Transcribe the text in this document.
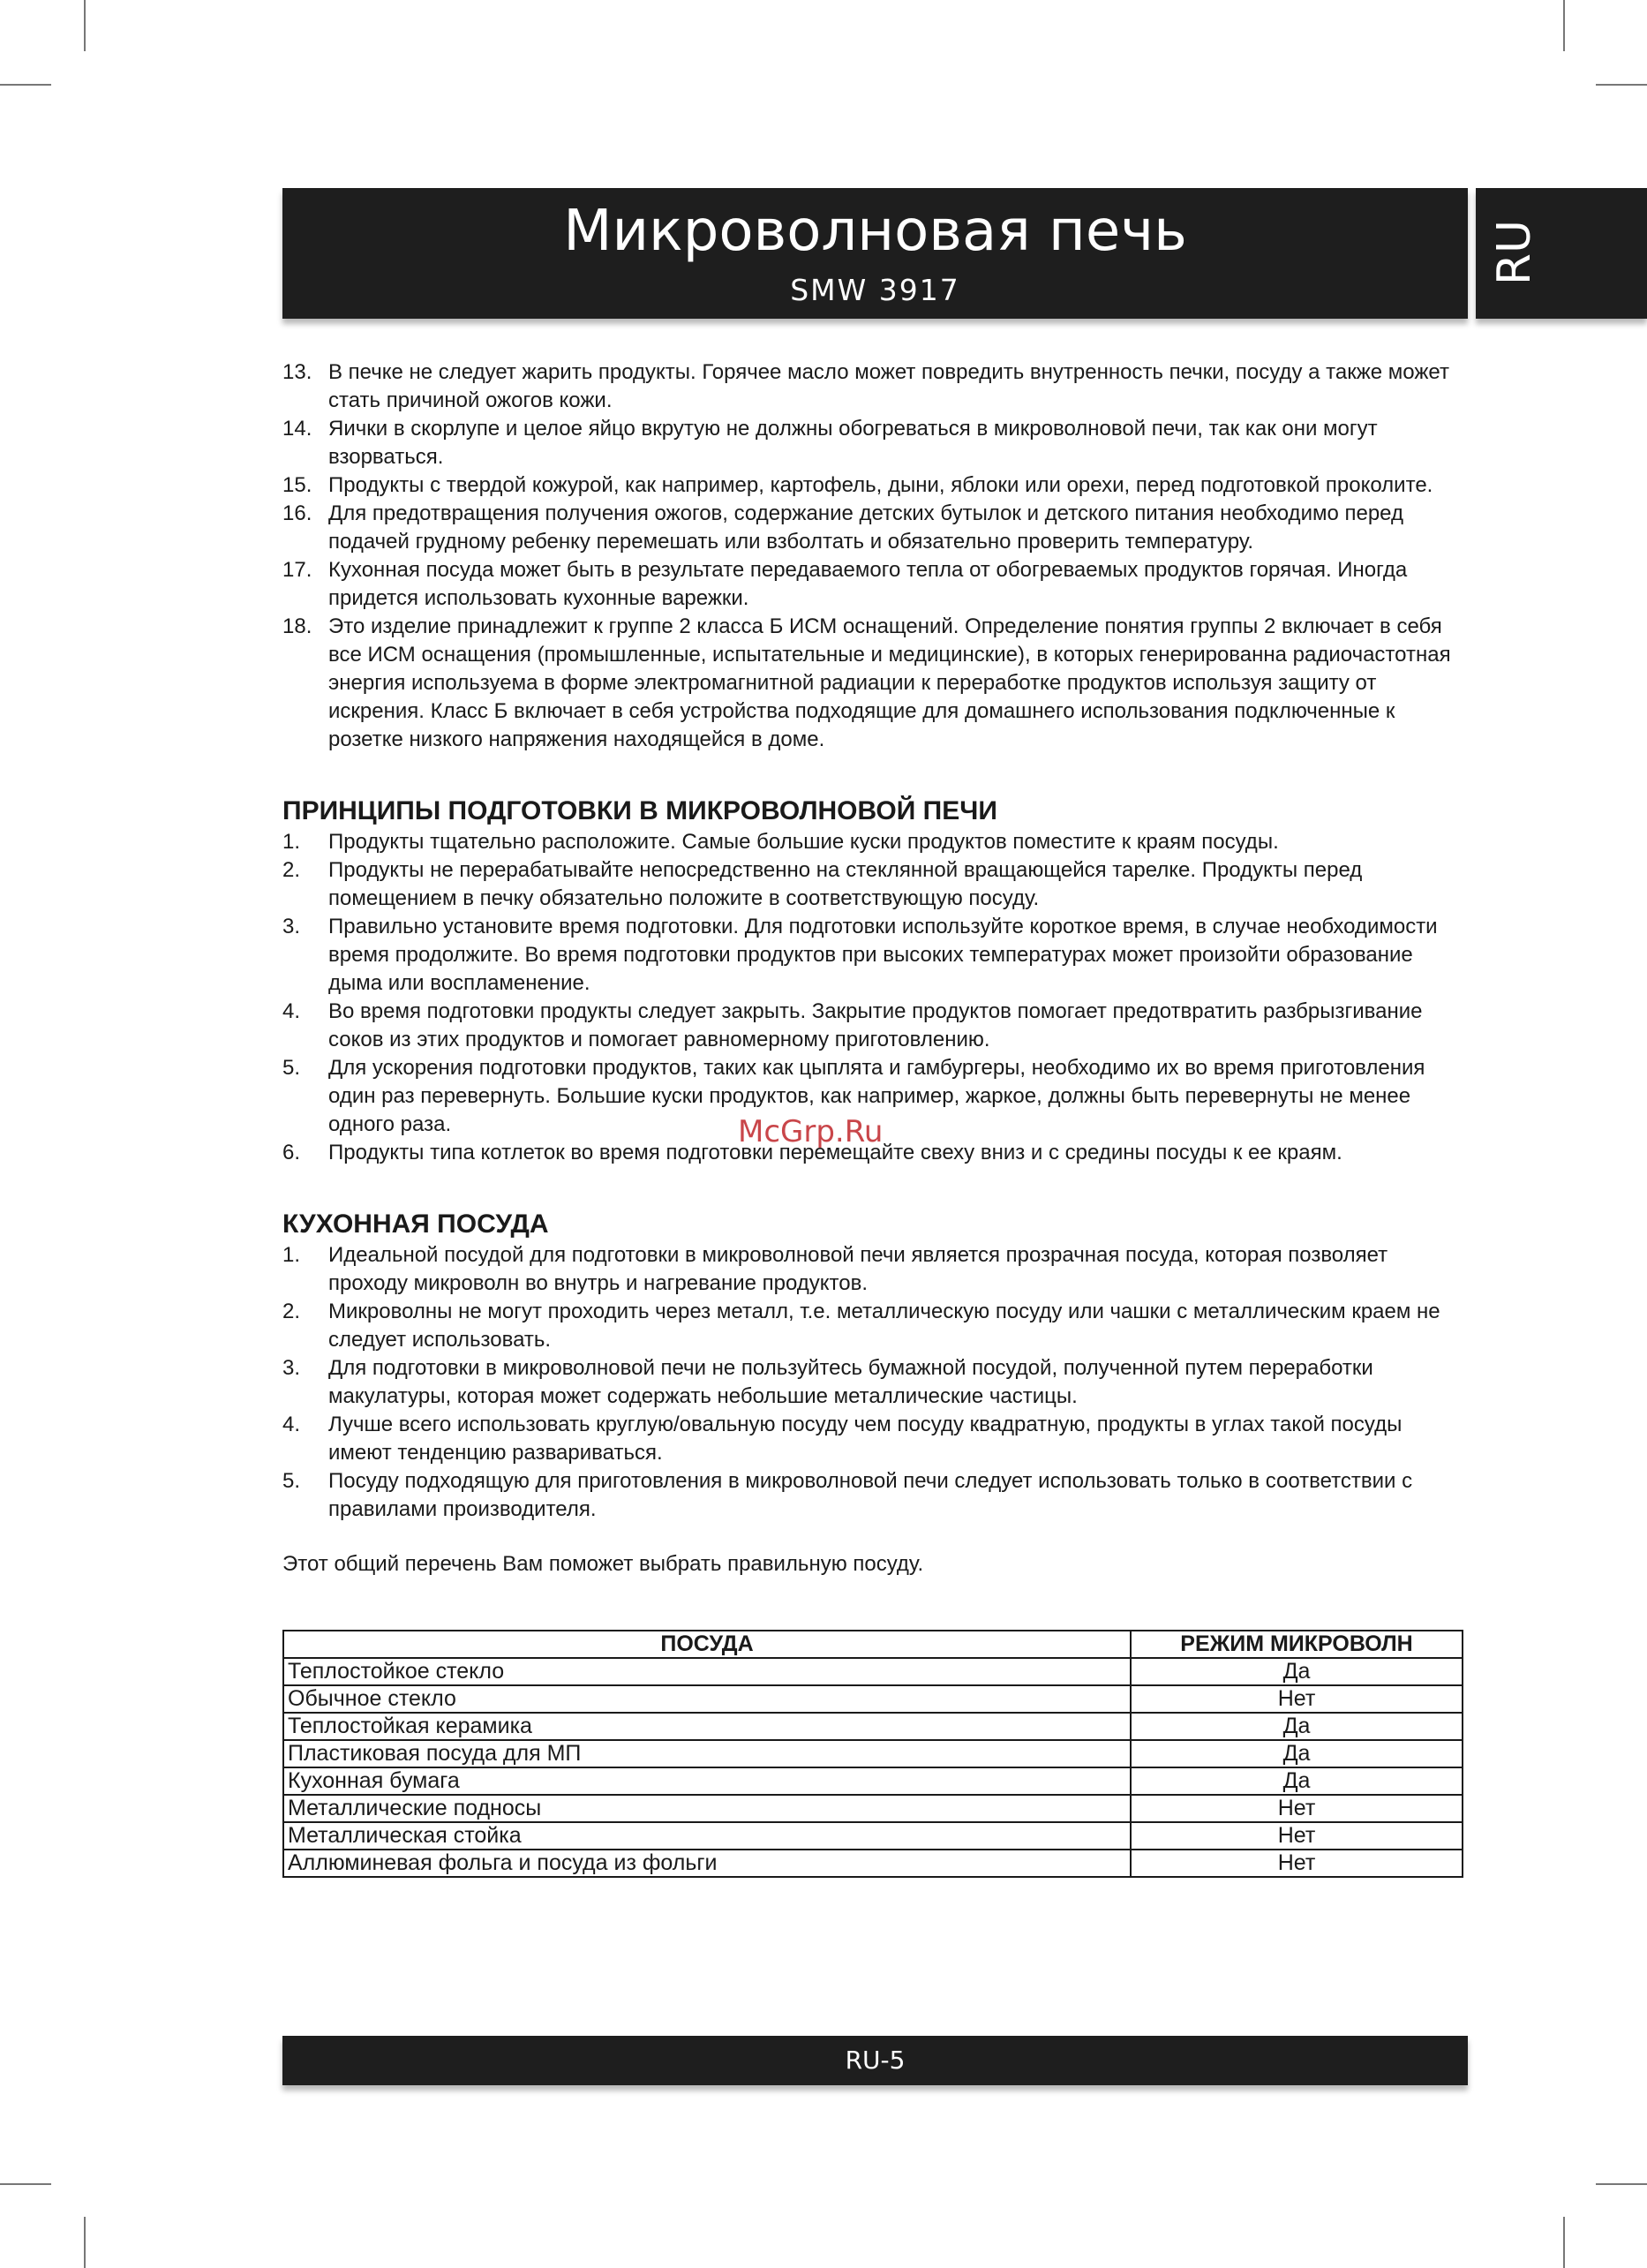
Микроволновая печь
SMW 3917
RU
13. В печке не следует жарить продукты. Горячее масло может повредить внутренность печки, посуду а также может стать причиной ожогов кожи.
14. Яички в скорлупе и целое яйцо вкрутую не должны обогреваться в микроволновой печи, так как они могут взорваться.
15. Продукты с твердой кожурой, как например, картофель, дыни, яблоки или орехи, перед подготовкой проколите.
16. Для предотвращения получения ожогов, содержание детских бутылок и детского питания необходимо перед подачей грудному ребенку перемешать или взболтать и обязательно проверить температуру.
17. Кухонная посуда может быть в результате передаваемого тепла от обогреваемых продуктов горячая. Иногда придется использовать кухонные варежки.
18. Это изделие принадлежит к группе 2 класса Б ИСМ оснащений. Определение понятия группы 2 включает в себя все ИСМ оснащения (промышленные, испытательные и медицинские), в которых генерированна радиочастотная энергия используема в форме электромагнитной радиации к переработке продуктов используя защиту от искрения. Класс Б включает в себя устройства подходящие для домашнего использования подключенные к розетке низкого напряжения находящейся в доме.
ПРИНЦИПЫ ПОДГОТОВКИ В МИКРОВОЛНОВОЙ ПЕЧИ
1. Продукты тщательно расположите. Самые большие куски продуктов поместите к краям посуды.
2. Продукты не перерабатывайте непосредственно на стеклянной вращающейся тарелке. Продукты перед помещением в печку обязательно положите в соответствующую посуду.
3. Правильно установите время подготовки. Для подготовки используйте короткое время, в случае необходимости время продолжите. Во время подготовки продуктов при высоких температурах может произойти образование дыма или воспламенение.
4. Во время подготовки продукты следует закрыть. Закрытие продуктов помогает предотвратить разбрызгивание соков из этих продуктов и помогает равномерному приготовлению.
5. Для ускорения подготовки продуктов, таких как цыплята и гамбургеры, необходимо их во время приготовления один раз перевернуть. Большие куски продуктов, как например, жаркое, должны быть перевернуты не менее одного раза.
6. Продукты типа котлеток во время подготовки перемещайте свеху вниз и с средины посуды к ее краям.
КУХОННАЯ ПОСУДА
1. Идеальной посудой для подготовки в микроволновой печи является прозрачная посуда, которая позволяет проходу микроволн во внутрь и нагревание продуктов.
2. Микроволны не могут проходить через металл, т.е. металлическую посуду или чашки с металлическим краем не следует использовать.
3. Для подготовки в микроволновой печи не пользуйтесь бумажной посудой, полученной путем переработки макулатуры, которая может содержать небольшие металлические частицы.
4. Лучше всего использовать круглую/овальную посуду чем посуду квадратную, продукты в углах такой посуды имеют тенденцию развариваться.
5. Посуду подходящую для приготовления в микроволновой печи следует использовать только в соответствии с правилами производителя.

Этот общий перечень Вам поможет выбрать правильную посуду.

ПОСУДА	РЕЖИМ МИКРОВОЛН
Теплостойкое стекло	Да
Обычное стекло	Нет
Теплостойкая керамика	Да
Пластиковая посуда для МП	Да
Кухонная бумага	Да
Металлические подносы	Нет
Металлическая стойка	Нет
Аллюминевая фольга и посуда из фольги	Нет
McGrp.Ru
RU-5
